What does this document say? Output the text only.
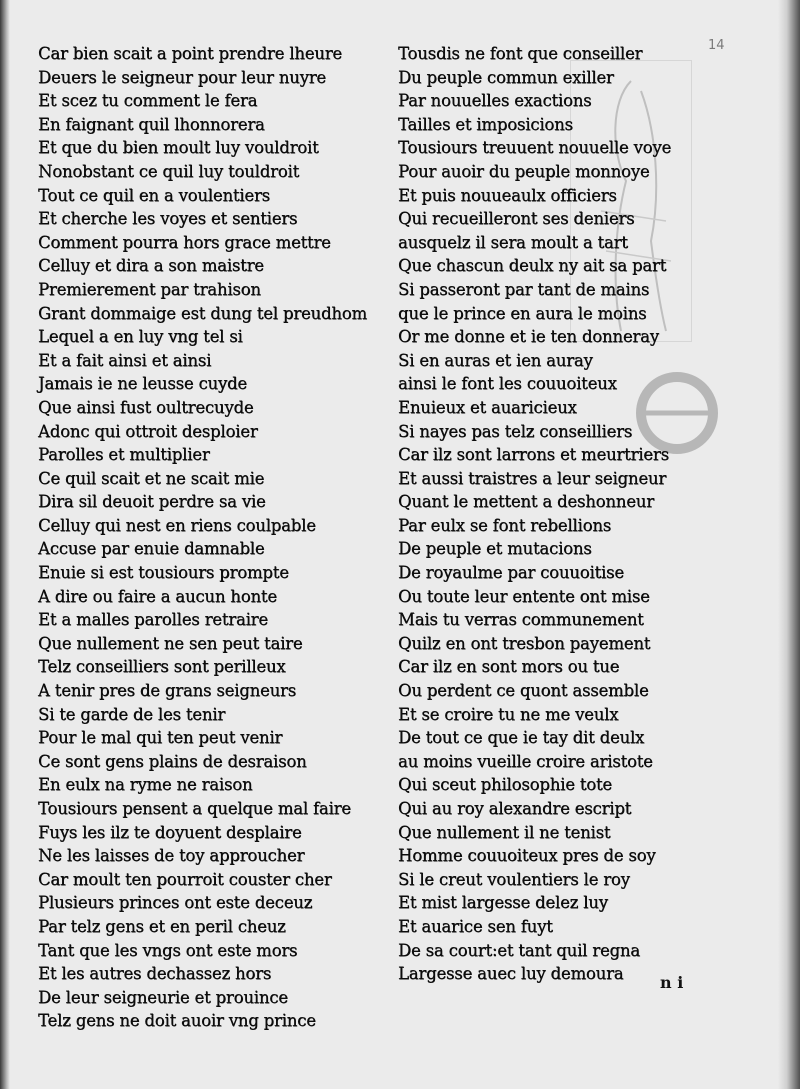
14
Car bien scait a point prendre lheure
Deuers le seigneur pour leur nuyre
Et scez tu comment le fera
En faignant quil lhonnorera
Et que du bien moult luy vouldroit
Nonobstant ce quil luy touldroit
Tout ce quil en a voulentiers
Et cherche les voyes et sentiers
Comment pourra hors grace mettre
Celluy et dira a son maistre
Premierement par trahison
Grant dommaige est dung tel preudhom
Lequel a en luy vng tel si
Et a fait ainsi et ainsi
Jamais ie ne leusse cuyde
Que ainsi fust oultrecuyde
Adonc qui ottroit desploier
Parolles et multiplier
Ce quil scait et ne scait mie
Dira sil deuoit perdre sa vie
Celluy qui nest en riens coulpable
Accuse par enuie damnable
Enuie si est tousiours prompte
A dire ou faire a aucun honte
Et a malles parolles retraire
Que nullement ne sen peut taire
Telz conseilliers sont perilleux
A tenir pres de grans seigneurs
Si te garde de les tenir
Pour le mal qui ten peut venir
Ce sont gens plains de desraison
En eulx na ryme ne raison
Tousiours pensent a quelque mal faire
Fuys les ilz te doyuent desplaire
Ne les laisses de toy approucher
Car moult ten pourroit couster cher
Plusieurs princes ont este deceuz
Par telz gens et en peril cheuz
Tant que les vngs ont este mors
Et les autres dechassez hors
De leur seigneurie et prouince
Telz gens ne doit auoir vng prince
Tousdis ne font que conseiller
Du peuple commun exiller
Par nouuelles exactions
Tailles et imposicions
Tousiours treuuent nouuelle voye
Pour auoir du peuple monnoye
Et puis nouueaulx officiers
Qui recueilleront ses deniers
ausquelz il sera moult a tart
Que chascun deulx ny ait sa part
Si passeront par tant de mains
que le prince en aura le moins
Or me donne et ie ten donneray
Si en auras et ien auray
ainsi le font les couuoiteux
Enuieux et auaricieux
Si nayes pas telz conseilliers
Car ilz sont larrons et meurtriers
Et aussi traistres a leur seigneur
Quant le mettent a deshonneur
Par eulx se font rebellions
De peuple et mutacions
De royaulme par couuoitise
Ou toute leur entente ont mise
Mais tu verras communement
Quilz en ont tresbon payement
Car ilz en sont mors ou tue
Ou perdent ce quont assemble
Et se croire tu ne me veulx
De tout ce que ie tay dit deulx
au moins vueille croire aristote
Qui sceut philosophie tote
Qui au roy alexandre escript
Que nullement il ne tenist
Homme couuoiteux pres de soy
Si le creut voulentiers le roy
Et mist largesse delez luy
Et auarice sen fuyt
De sa court:et tant quil regna
Largesse auec luy demoura	n i
